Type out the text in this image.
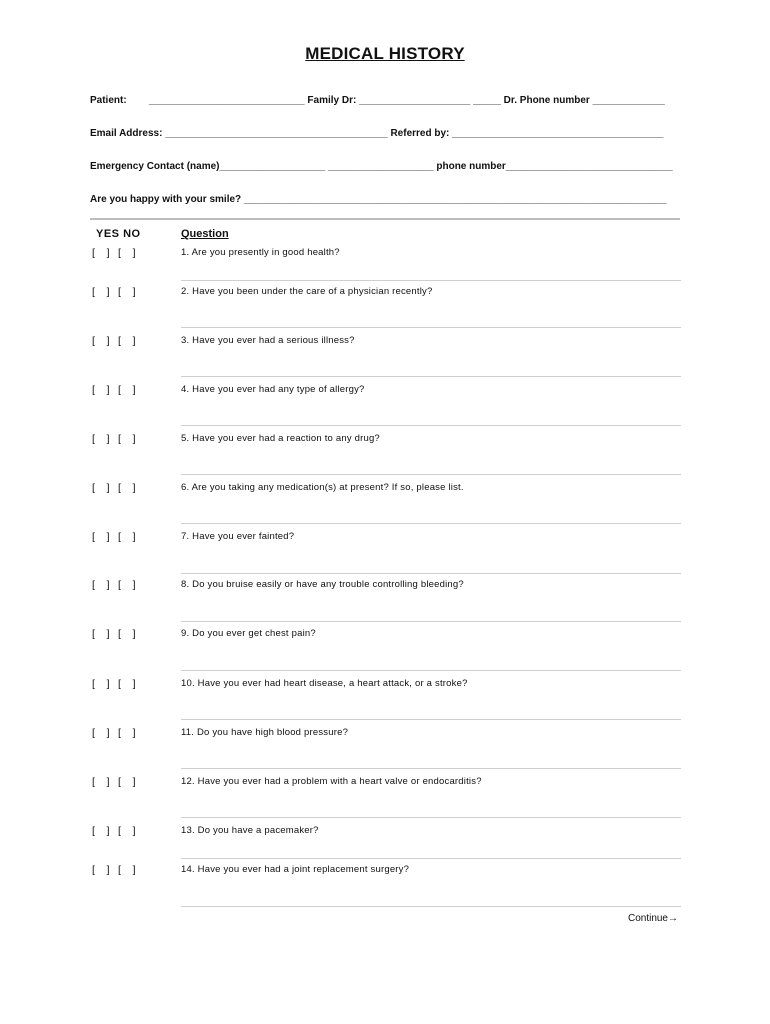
MEDICAL HISTORY
Patient:        ____________________________ Family Dr: ____________________ _____ Dr. Phone number _____________
Email Address: ________________________________________ Referred by: ______________________________________
Emergency Contact (name)___________________ ___________________ phone number______________________________
Are you happy with your smile? ____________________________________________________________________________
YES NO	Question
[    ] [    ]	1. Are you presently in good health?
[    ] [    ]	2. Have you been under the care of a physician recently?
[    ] [    ]	3. Have you ever had a serious illness?
[    ] [    ]	4. Have you ever had any type of allergy?
[    ] [    ]	5. Have you ever had a reaction to any drug?
[    ] [    ]	6. Are you taking any medication(s) at present? If so, please list.
[    ] [    ]	7. Have you ever fainted?
[    ] [    ]	8. Do you bruise easily or have any trouble controlling bleeding?
[    ] [    ]	9. Do you ever get chest pain?
[    ] [    ]	10. Have you ever had heart disease, a heart attack, or a stroke?
[    ] [    ]	11. Do you have high blood pressure?
[    ] [    ]	12. Have you ever had a problem with a heart valve or endocarditis?
[    ] [    ]	13. Do you have a pacemaker?
[    ] [    ]	14. Have you ever had a joint replacement surgery?
Continue→
